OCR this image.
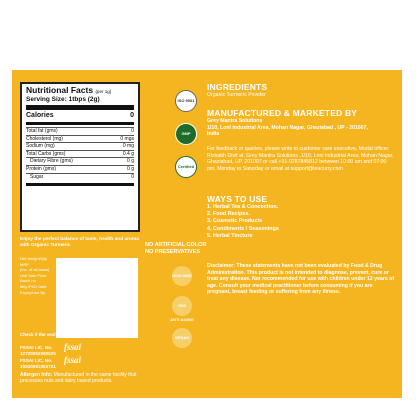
Nutritional Facts (per 1g)
Serving Size: 1tbps (2g)
Calories	0
Total fat (gms)	0
Cholesterol (mg)	0 mgs
Sodium (mg)	0 mg
Total Carbs (gms)	0.4 g
Dietary Fibre (gms)	0 g
Protein (gms)	0 g
Sugar	0
Enjoy the perfect balance of taste, health and aroma with Organic Turmeric
Net Weight/Qty.
MRP
(Inc. of all taxes)
Unit Sale Price
Batch no.
Mfg./PKD Date
Expiry/Use By
Check if the seal is intact before use
FSSAI LIC. No.
12720052000025
fssai
FSSAI LIC. No.
10020051003721
fssai
Allergen Info: Manufactured in the same facility that processes nuts and dairy based products.
NO ARTIFICIAL COLOR
NO PRESERVATIVES
ISO 9001
GMP
Certified
NON GMO
VEG
ANTI AGING
VEGAN
INGREDIENTS
Organic Turmeric Powder
MANUFACTURED & MARKETED BY
Grey Mantra Solutions
1/10, Loni Industrial Area, Mohan Nagar, Ghaziabad , UP - 201007,
India
For feedback or queries, please write to customer care executive, Modal officer, Rishabh Dixit at, Grey Mantra Solutions ,1/10, Loni Industrial Area, Mohan Nagar, Ghaziabad, UP, 201007 or call +91-9287845812 between 10:00 am and 07:00 pm, Monday to Saturday or email at support@teacurry.com
WAYS TO USE
1. Herbal Tea & Concoction.
2. Food Recipes.
3. Cosmetic Products
4. Condiments / Seasonings
5. Herbal Tincture
Disclaimer: These statements have not been evaluated by Food & Drug Administration. This product is not intended to diagnose, prevent, cure or treat any disease. Not recommended for use with children under 12 years of age. Consult your medical practitioner before consuming if you are pregnant, breast feeding or suffering from any illness.
